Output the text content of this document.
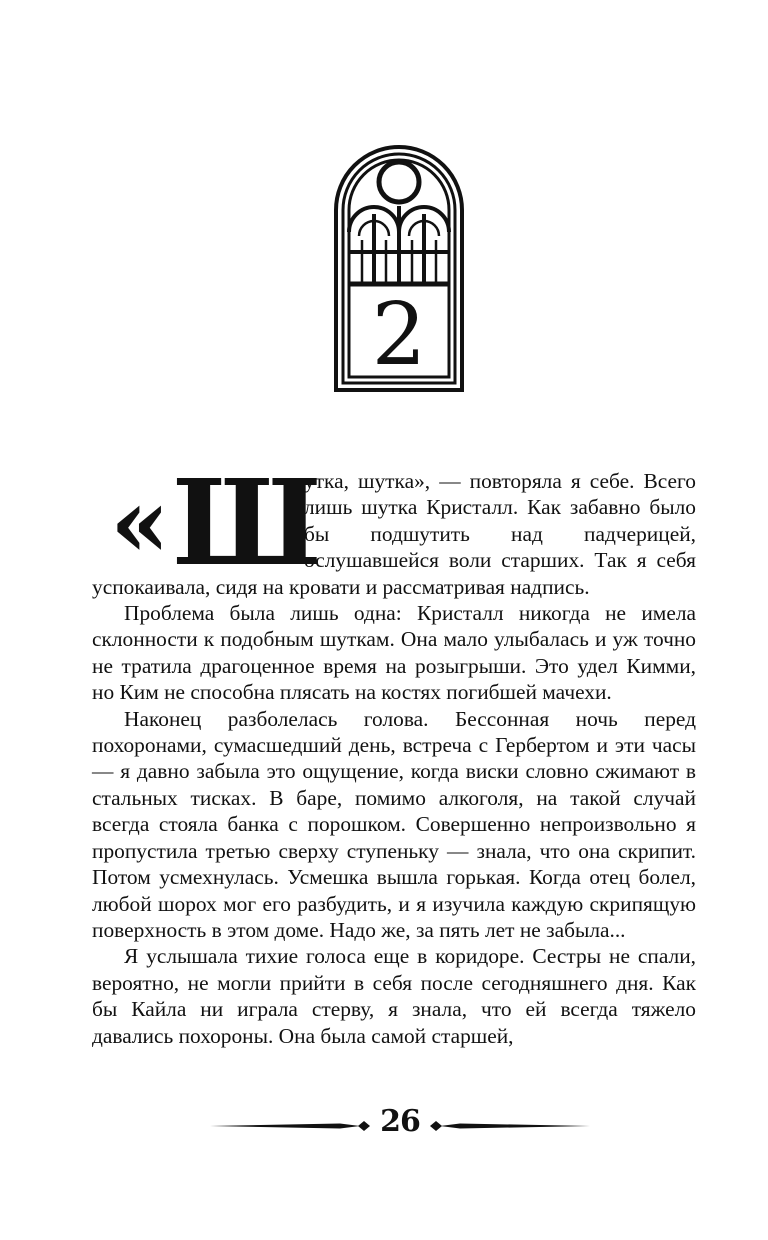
2
« Ш

утка, шутка», — повторяла я себе. Всего лишь шутка Кристалл. Как забавно было бы подшутить над падчерицей, ослушавшейся воли старших. Так я себя успокаивала, сидя на кровати и рассматривая надпись.

Проблема была лишь одна: Кристалл никогда не имела склонности к подобным шуткам. Она мало улыбалась и уж точно не тратила драгоценное время на розыгрыши. Это удел Кимми, но Ким не способна плясать на костях погибшей мачехи.

Наконец разболелась голова. Бессонная ночь перед похоронами, сумасшедший день, встреча с Гербертом и эти часы — я давно забыла это ощущение, когда виски словно сжимают в стальных тисках. В баре, помимо алкоголя, на такой случай всегда стояла банка с порошком. Совершенно непроизвольно я пропустила третью сверху ступеньку — знала, что она скрипит. Потом усмехнулась. Усмешка вышла горькая. Когда отец болел, любой шорох мог его разбудить, и я изучила каждую скрипящую поверхность в этом доме. Надо же, за пять лет не забыла...

Я услышала тихие голоса еще в коридоре. Сестры не спали, вероятно, не могли прийти в себя после сегодняшнего дня. Как бы Кайла ни играла стерву, я знала, что ей всегда тяжело давались похороны. Она была самой старшей,

26
